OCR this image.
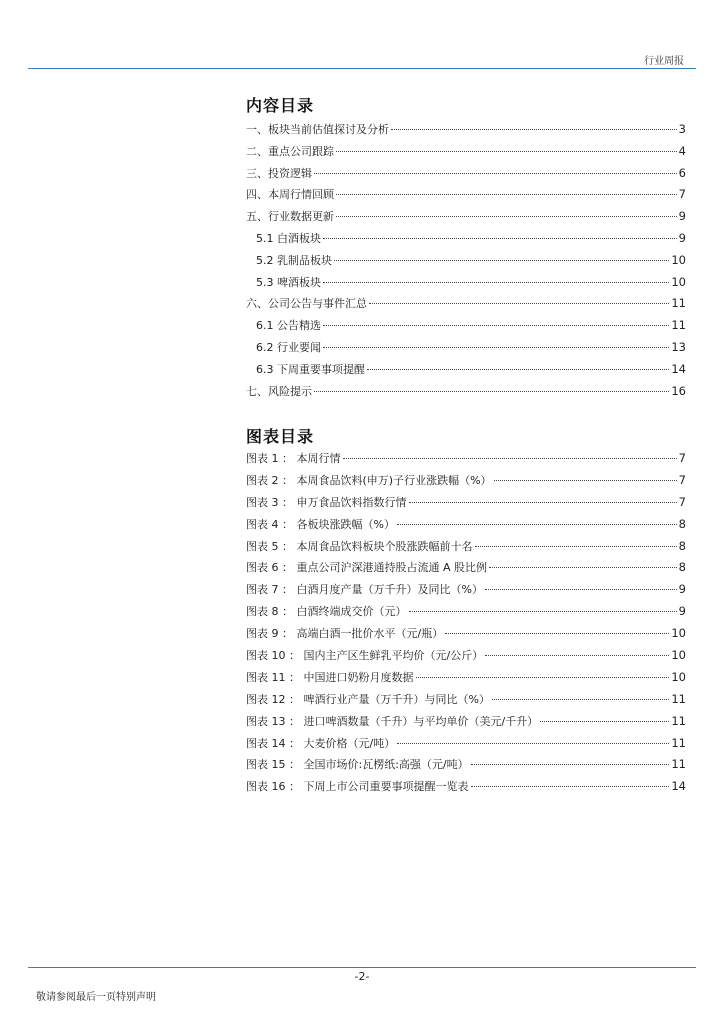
行业周报
内容目录
一、板块当前估值探讨及分析	3
二、重点公司跟踪	4
三、投资逻辑	6
四、本周行情回顾	7
五、行业数据更新	9
5.1 白酒板块	9
5.2 乳制品板块	10
5.3 啤酒板块	10
六、公司公告与事件汇总	11
6.1 公告精选	11
6.2 行业要闻	13
6.3 下周重要事项提醒	14
七、风险提示	16
图表目录
图表 1 ： 本周行情	7
图表 2 ： 本周食品饮料(申万)子行业涨跌幅（%）	7
图表 3 ： 申万食品饮料指数行情	7
图表 4 ： 各板块涨跌幅（%）	8
图表 5 ： 本周食品饮料板块个股涨跌幅前十名	8
图表 6 ： 重点公司沪深港通持股占流通 A 股比例	8
图表 7 ： 白酒月度产量（万千升）及同比（%）	9
图表 8 ： 白酒终端成交价（元）	9
图表 9 ： 高端白酒一批价水平（元/瓶）	10
图表 10 ： 国内主产区生鲜乳平均价（元/公斤）	10
图表 11 ： 中国进口奶粉月度数据	10
图表 12 ： 啤酒行业产量（万千升）与同比（%）	11
图表 13 ： 进口啤酒数量（千升）与平均单价（美元/千升）	11
图表 14 ： 大麦价格（元/吨）	11
图表 15 ： 全国市场价:瓦楞纸:高强（元/吨）	11
图表 16 ： 下周上市公司重要事项提醒一览表	14
-2-
敬请参阅最后一页特别声明
